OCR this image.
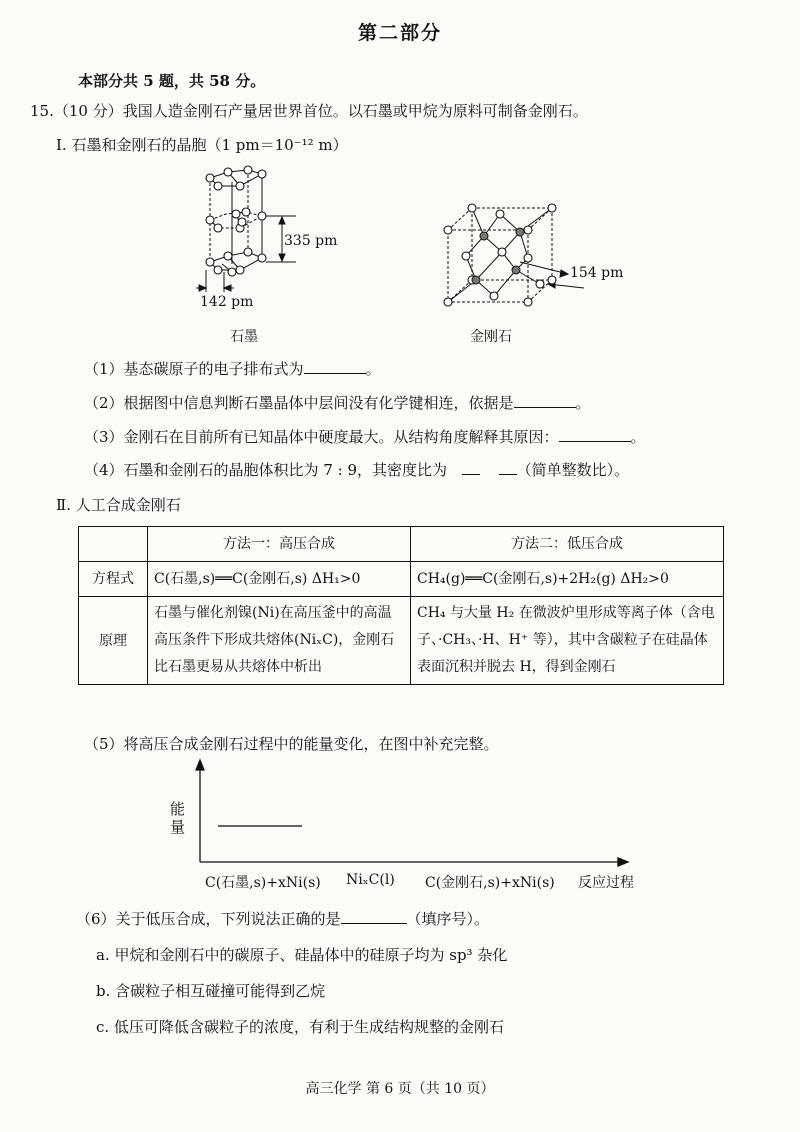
第二部分
本部分共 5 题，共 58 分。
15.（10 分）我国人造金刚石产量居世界首位。以石墨或甲烷为原料可制备金刚石。
Ⅰ. 石墨和金刚石的晶胞（1 pm＝10⁻¹² m）
335 pm
142 pm
石墨
154 pm
金刚石
（1）基态碳原子的电子排布式为	。
（2）根据图中信息判断石墨晶体中层间没有化学键相连，依据是	。
（3）金刚石在目前所有已知晶体中硬度最大。从结构角度解释其原因：	。
（4）石墨和金刚石的晶胞体积比为 7 : 9，其密度比为	（简单整数比）。
Ⅱ. 人工合成金刚石
	方法一：高压合成	方法二：低压合成
方程式	C(石墨,s)══C(金刚石,s) ΔH₁>0	CH₄(g)══C(金刚石,s)+2H₂(g) ΔH₂>0
原理	石墨与催化剂镍(Ni)在高压釜中的高温高压条件下形成共熔体(NiₓC)，金刚石比石墨更易从共熔体中析出	CH₄ 与大量 H₂ 在微波炉里形成等离子体（含电子、·CH₃、·H、H⁺ 等），其中含碳粒子在硅晶体表面沉积并脱去 H，得到金刚石
（5）将高压合成金刚石过程中的能量变化，在图中补充完整。
能量
C(石墨,s)+xNi(s) NiₓC(l) C(金刚石,s)+xNi(s) 反应过程
（6）关于低压合成，下列说法正确的是	（填序号）。
a. 甲烷和金刚石中的碳原子、硅晶体中的硅原子均为 sp³ 杂化
b. 含碳粒子相互碰撞可能得到乙烷
c. 低压可降低含碳粒子的浓度，有利于生成结构规整的金刚石
高三化学 第 6 页（共 10 页）
